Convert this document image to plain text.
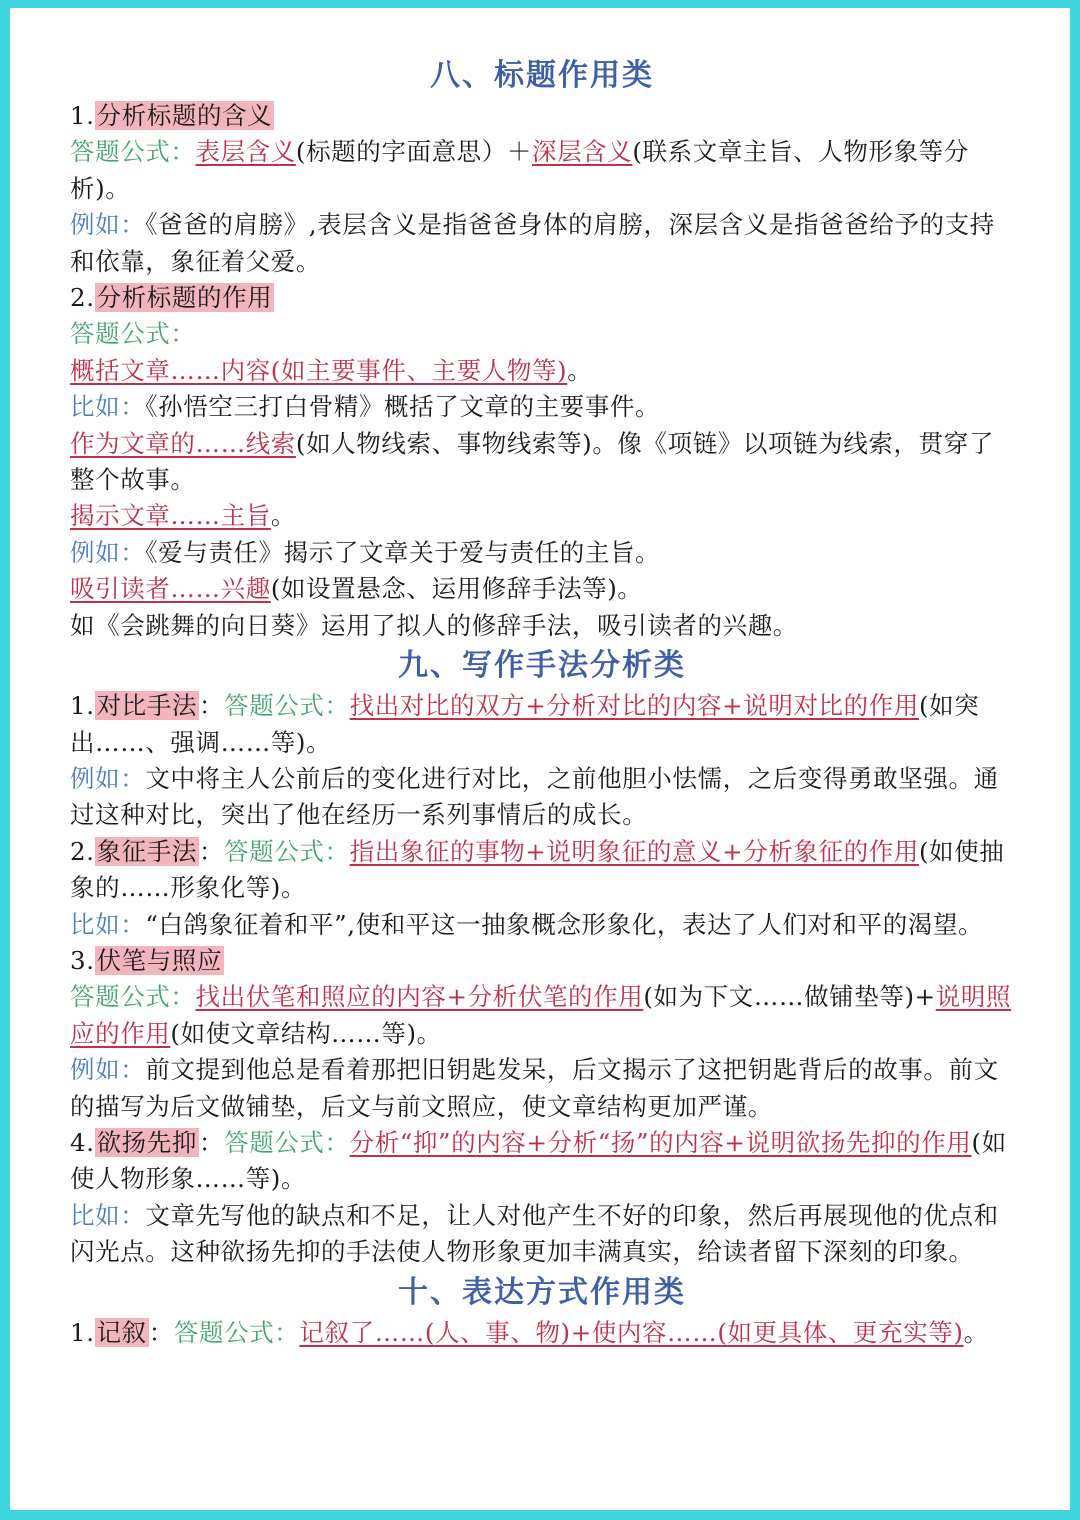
八、标题作用类

1.分析标题的含义

答题公式：表层含义(标题的字面意思）＋深层含义(联系文章主旨、人物形象等分析)。

例如：《爸爸的肩膀》,表层含义是指爸爸身体的肩膀，深层含义是指爸爸给予的支持和依靠，象征着父爱。

2.分析标题的作用

答题公式：

概括文章……内容(如主要事件、主要人物等)。

比如：《孙悟空三打白骨精》概括了文章的主要事件。

作为文章的……线索(如人物线索、事物线索等)。像《项链》以项链为线索，贯穿了整个故事。

揭示文章……主旨。

例如：《爱与责任》揭示了文章关于爱与责任的主旨。

吸引读者……兴趣(如设置悬念、运用修辞手法等)。

如《会跳舞的向日葵》运用了拟人的修辞手法，吸引读者的兴趣。

九、写作手法分析类

1.对比手法：答题公式：找出对比的双方+分析对比的内容+说明对比的作用(如突出……、强调……等)。

例如：文中将主人公前后的变化进行对比，之前他胆小怯懦，之后变得勇敢坚强。通过这种对比，突出了他在经历一系列事情后的成长。

2.象征手法：答题公式：指出象征的事物+说明象征的意义+分析象征的作用(如使抽象的……形象化等)。

比如：“白鸽象征着和平”,使和平这一抽象概念形象化，表达了人们对和平的渴望。

3.伏笔与照应

答题公式：找出伏笔和照应的内容+分析伏笔的作用(如为下文……做铺垫等)+说明照应的作用(如使文章结构……等)。

例如：前文提到他总是看着那把旧钥匙发呆，后文揭示了这把钥匙背后的故事。前文的描写为后文做铺垫，后文与前文照应，使文章结构更加严谨。

4.欲扬先抑：答题公式：分析“抑”的内容+分析“扬”的内容+说明欲扬先抑的作用(如使人物形象……等)。

比如：文章先写他的缺点和不足，让人对他产生不好的印象，然后再展现他的优点和闪光点。这种欲扬先抑的手法使人物形象更加丰满真实，给读者留下深刻的印象。

十、表达方式作用类

1.记叙：答题公式：记叙了……(人、事、物)+使内容……(如更具体、更充实等)。
